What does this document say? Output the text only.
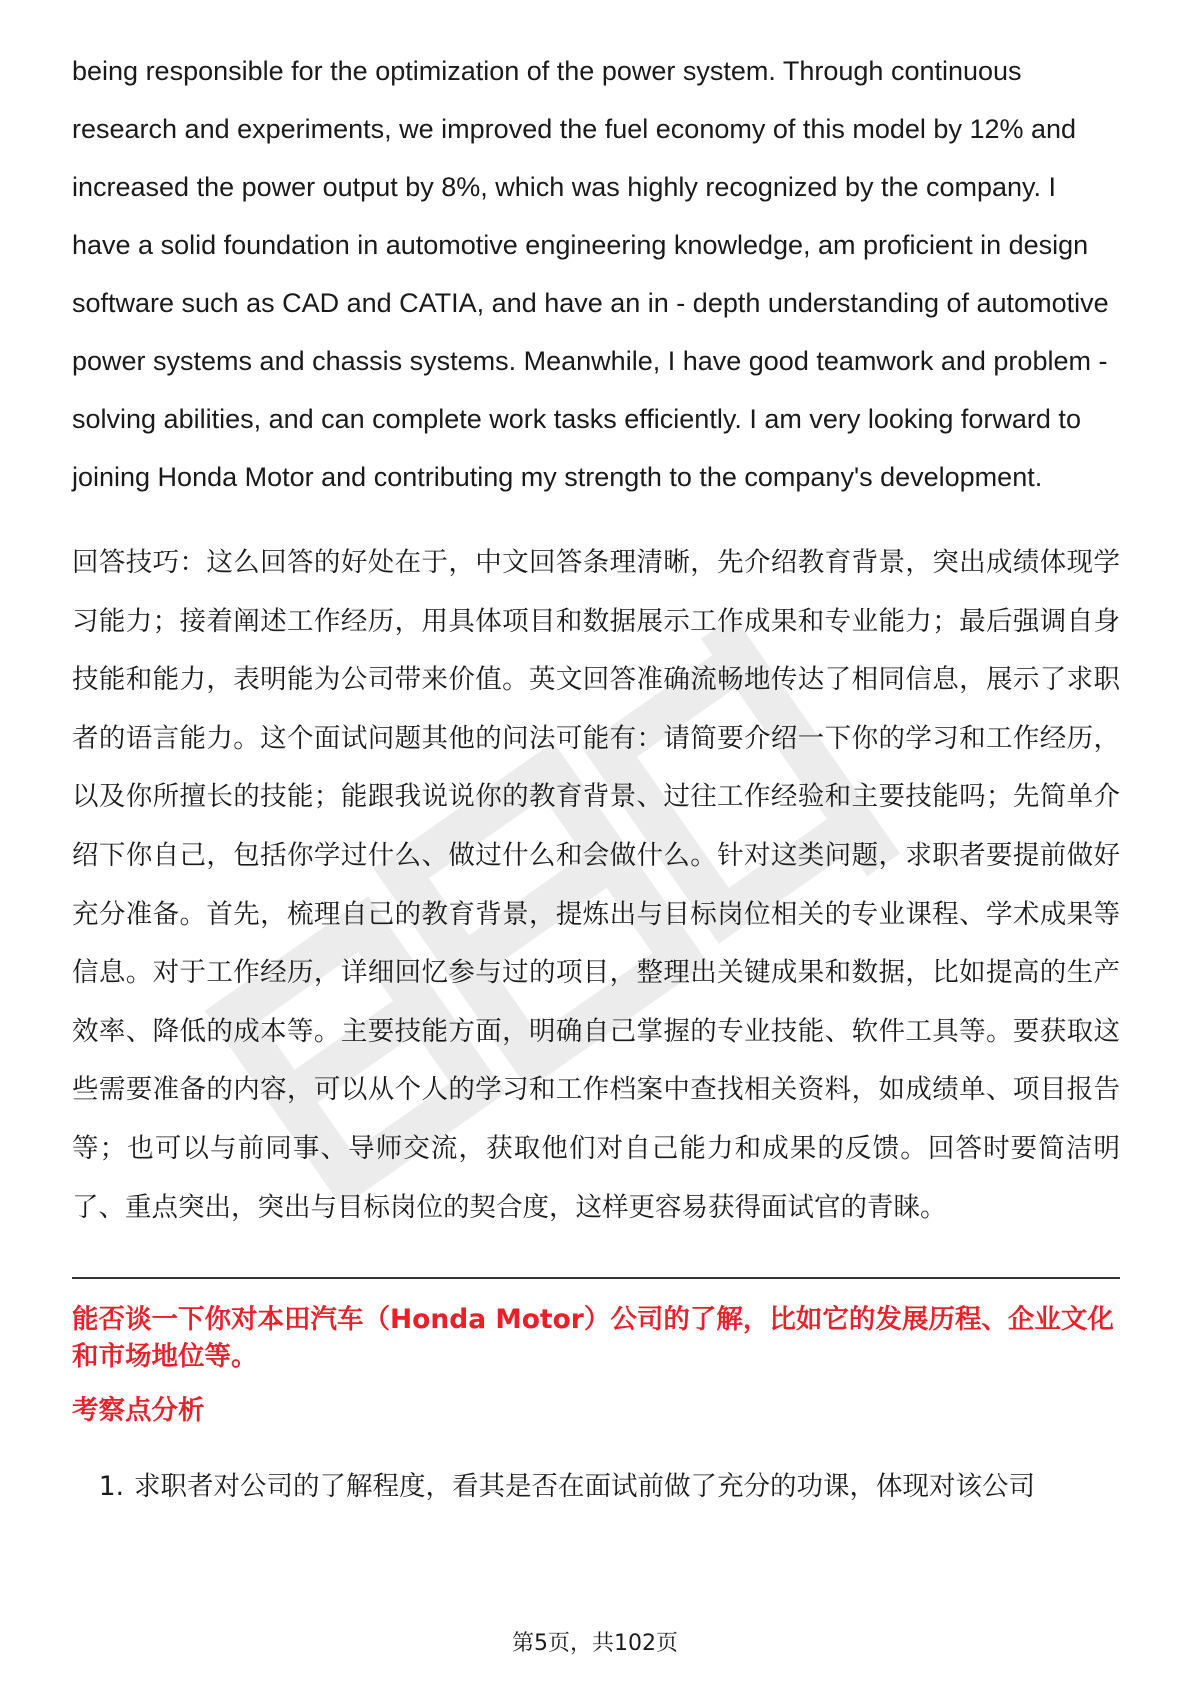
being responsible for the optimization of the power system. Through continuous research and experiments, we improved the fuel economy of this model by 12% and increased the power output by 8%, which was highly recognized by the company. I have a solid foundation in automotive engineering knowledge, am proficient in design software such as CAD and CATIA, and have an in - depth understanding of automotive power systems and chassis systems. Meanwhile, I have good teamwork and problem - solving abilities, and can complete work tasks efficiently. I am very looking forward to joining Honda Motor and contributing my strength to the company's development.

回答技巧：这么回答的好处在于，中文回答条理清晰，先介绍教育背景，突出成绩体现学习能力；接着阐述工作经历，用具体项目和数据展示工作成果和专业能力；最后强调自身技能和能力，表明能为公司带来价值。英文回答准确流畅地传达了相同信息，展示了求职者的语言能力。这个面试问题其他的问法可能有：请简要介绍一下你的学习和工作经历，以及你所擅长的技能；能跟我说说你的教育背景、过往工作经验和主要技能吗；先简单介绍下你自己，包括你学过什么、做过什么和会做什么。针对这类问题，求职者要提前做好充分准备。首先，梳理自己的教育背景，提炼出与目标岗位相关的专业课程、学术成果等信息。对于工作经历，详细回忆参与过的项目，整理出关键成果和数据，比如提高的生产效率、降低的成本等。主要技能方面，明确自己掌握的专业技能、软件工具等。要获取这些需要准备的内容，可以从个人的学习和工作档案中查找相关资料，如成绩单、项目报告等；也可以与前同事、导师交流，获取他们对自己能力和成果的反馈。回答时要简洁明了、重点突出，突出与目标岗位的契合度，这样更容易获得面试官的青睐。

能否谈一下你对本田汽车（Honda Motor）公司的了解，比如它的发展历程、企业文化和市场地位等。
考察点分析
1. 求职者对公司的了解程度，看其是否在面试前做了充分的功课，体现对该公司
第5页，共102页
